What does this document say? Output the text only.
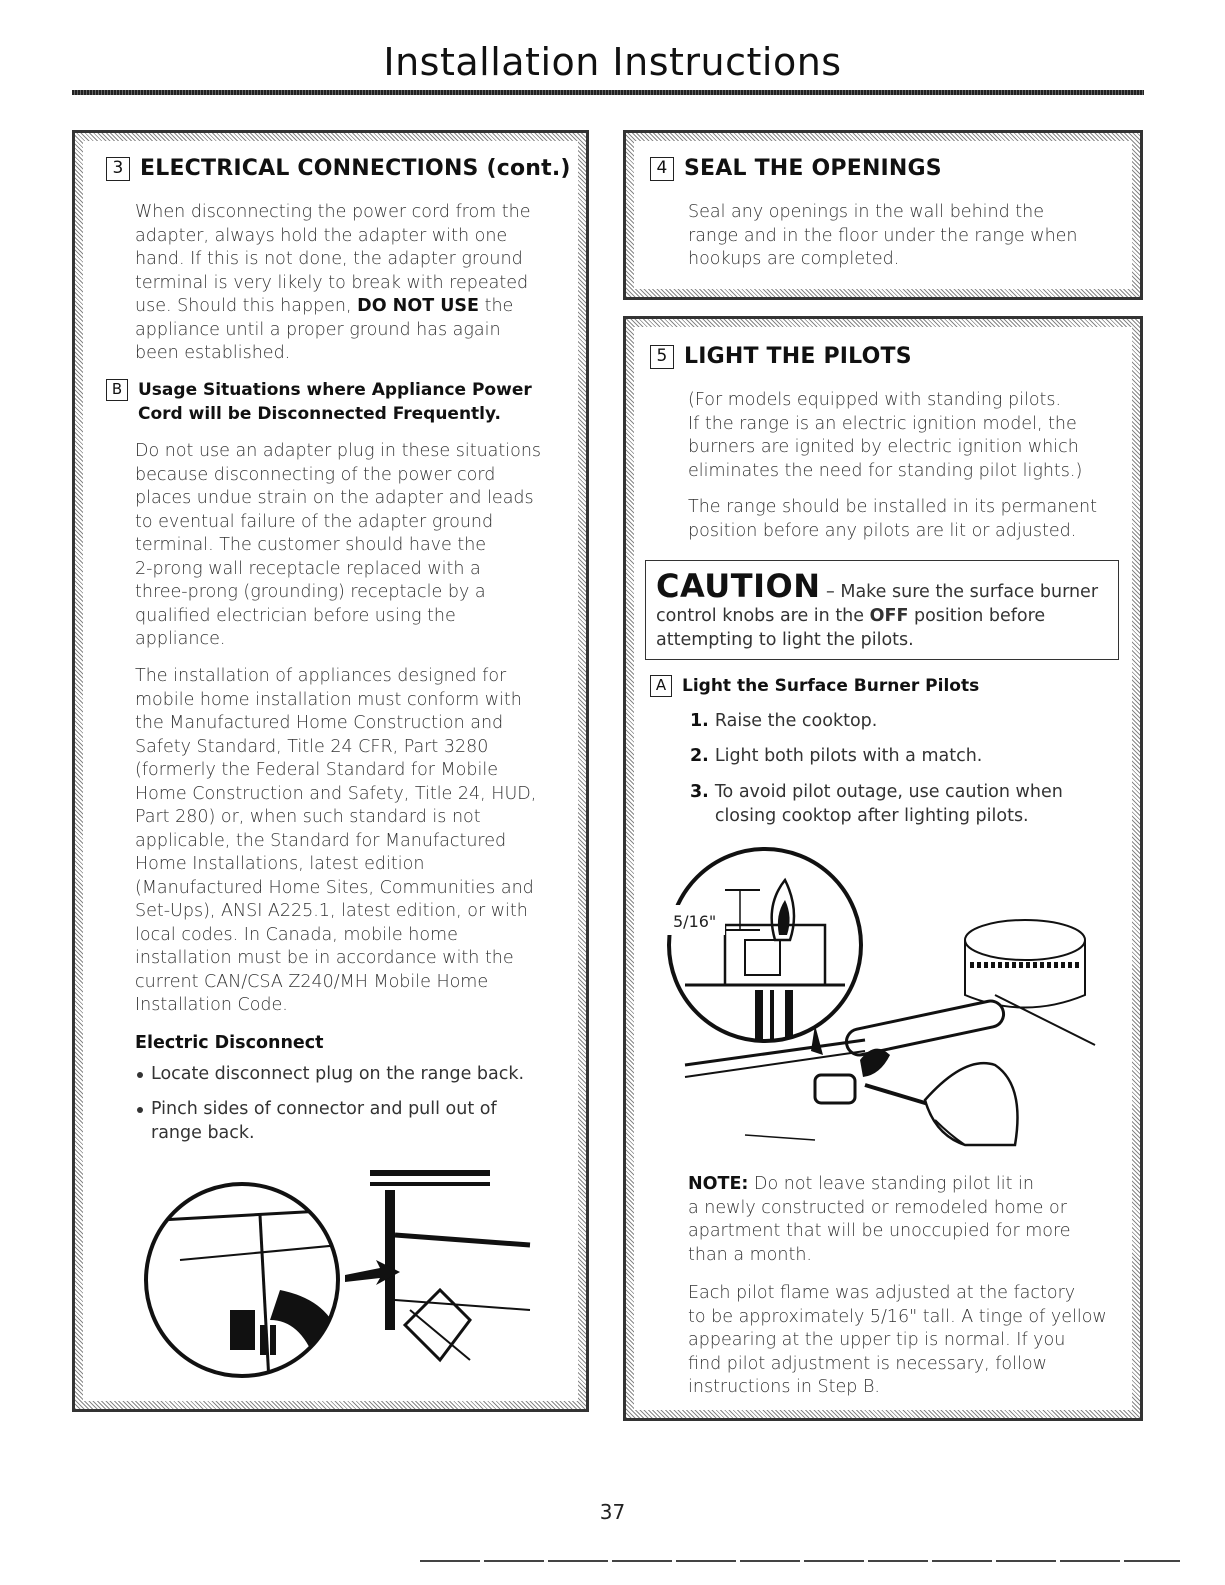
Installation Instructions
3 ELECTRICAL CONNECTIONS (cont.)
When disconnecting the power cord from the
adapter, always hold the adapter with one
hand. If this is not done, the adapter ground
terminal is very likely to break with repeated
use. Should this happen, DO NOT USE the
appliance until a proper ground has again
been established.
B Usage Situations where Appliance Power
Cord will be Disconnected Frequently.
Do not use an adapter plug in these situations
because disconnecting of the power cord
places undue strain on the adapter and leads
to eventual failure of the adapter ground
terminal. The customer should have the
2-prong wall receptacle replaced with a
three-prong (grounding) receptacle by a
qualified electrician before using the
appliance.
The installation of appliances designed for
mobile home installation must conform with
the Manufactured Home Construction and
Safety Standard, Title 24 CFR, Part 3280
(formerly the Federal Standard for Mobile
Home Construction and Safety, Title 24, HUD,
Part 280) or, when such standard is not
applicable, the Standard for Manufactured
Home Installations, latest edition
(Manufactured Home Sites, Communities and
Set-Ups), ANSI A225.1, latest edition, or with
local codes. In Canada, mobile home
installation must be in accordance with the
current CAN/CSA Z240/MH Mobile Home
Installation Code.
Electric Disconnect
Locate disconnect plug on the range back.
Pinch sides of connector and pull out of
range back.
4 SEAL THE OPENINGS
Seal any openings in the wall behind the
range and in the floor under the range when
hookups are completed.
5 LIGHT THE PILOTS
(For models equipped with standing pilots.
If the range is an electric ignition model, the
burners are ignited by electric ignition which
eliminates the need for standing pilot lights.)
The range should be installed in its permanent
position before any pilots are lit or adjusted.
CAUTION – Make sure the surface burner
control knobs are in the OFF position before
attempting to light the pilots.
A Light the Surface Burner Pilots
1. Raise the cooktop.
2. Light both pilots with a match.
3. To avoid pilot outage, use caution when
closing cooktop after lighting pilots.
5/16"
NOTE: Do not leave standing pilot lit in
a newly constructed or remodeled home or
apartment that will be unoccupied for more
than a month.
Each pilot flame was adjusted at the factory
to be approximately 5/16" tall. A tinge of yellow
appearing at the upper tip is normal. If you
find pilot adjustment is necessary, follow
instructions in Step B.
37
